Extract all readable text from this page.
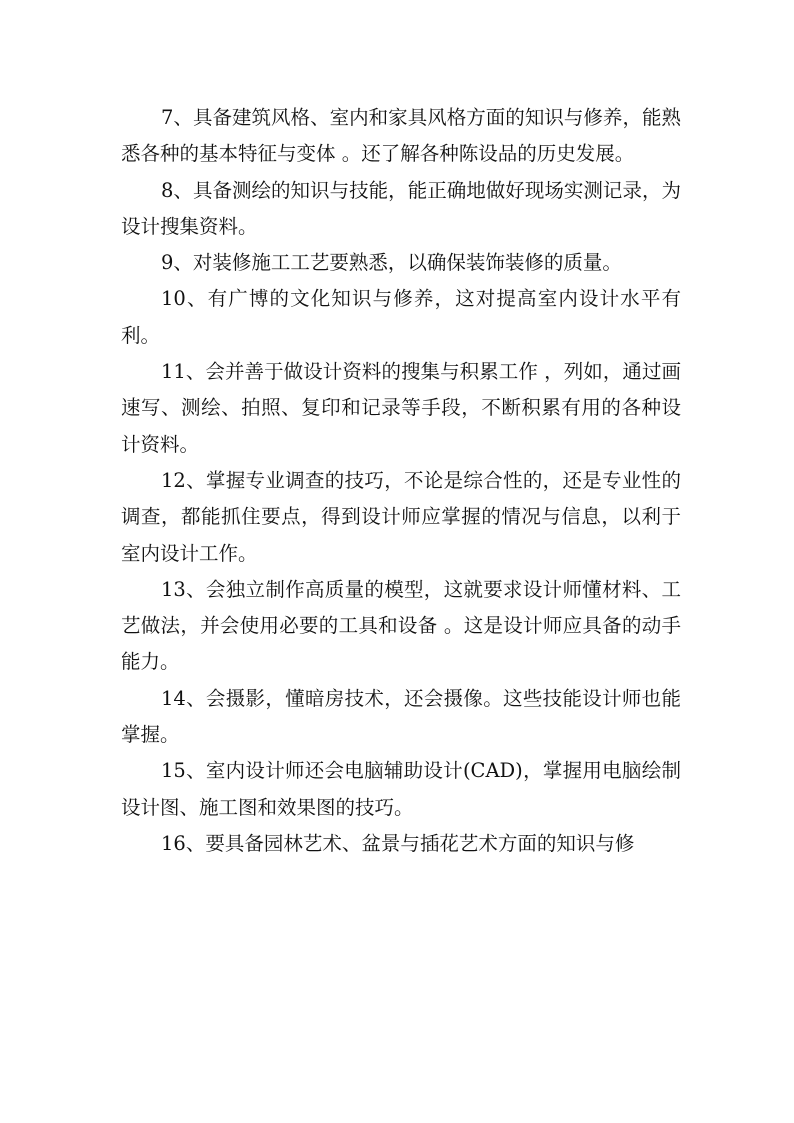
7、具备建筑风格、室内和家具风格方面的知识与修养，能熟悉各种的基本特征与变体 。还了解各种陈设品的历史发展。

8、具备测绘的知识与技能，能正确地做好现场实测记录，为设计搜集资料。

9、对装修施工工艺要熟悉，以确保装饰装修的质量。

10、有广博的文化知识与修养，这对提高室内设计水平有利。

11、会并善于做设计资料的搜集与积累工作 ，列如，通过画速写、测绘、拍照、复印和记录等手段，不断积累有用的各种设计资料。

12、掌握专业调查的技巧，不论是综合性的，还是专业性的调查，都能抓住要点，得到设计师应掌握的情况与信息，以利于室内设计工作。

13、会独立制作高质量的模型，这就要求设计师懂材料、工艺做法，并会使用必要的工具和设备 。这是设计师应具备的动手能力。

14、会摄影，懂暗房技术，还会摄像。这些技能设计师也能掌握。

15、室内设计师还会电脑辅助设计(CAD)，掌握用电脑绘制设计图、施工图和效果图的技巧。

16、要具备园林艺术、盆景与插花艺术方面的知识与修
